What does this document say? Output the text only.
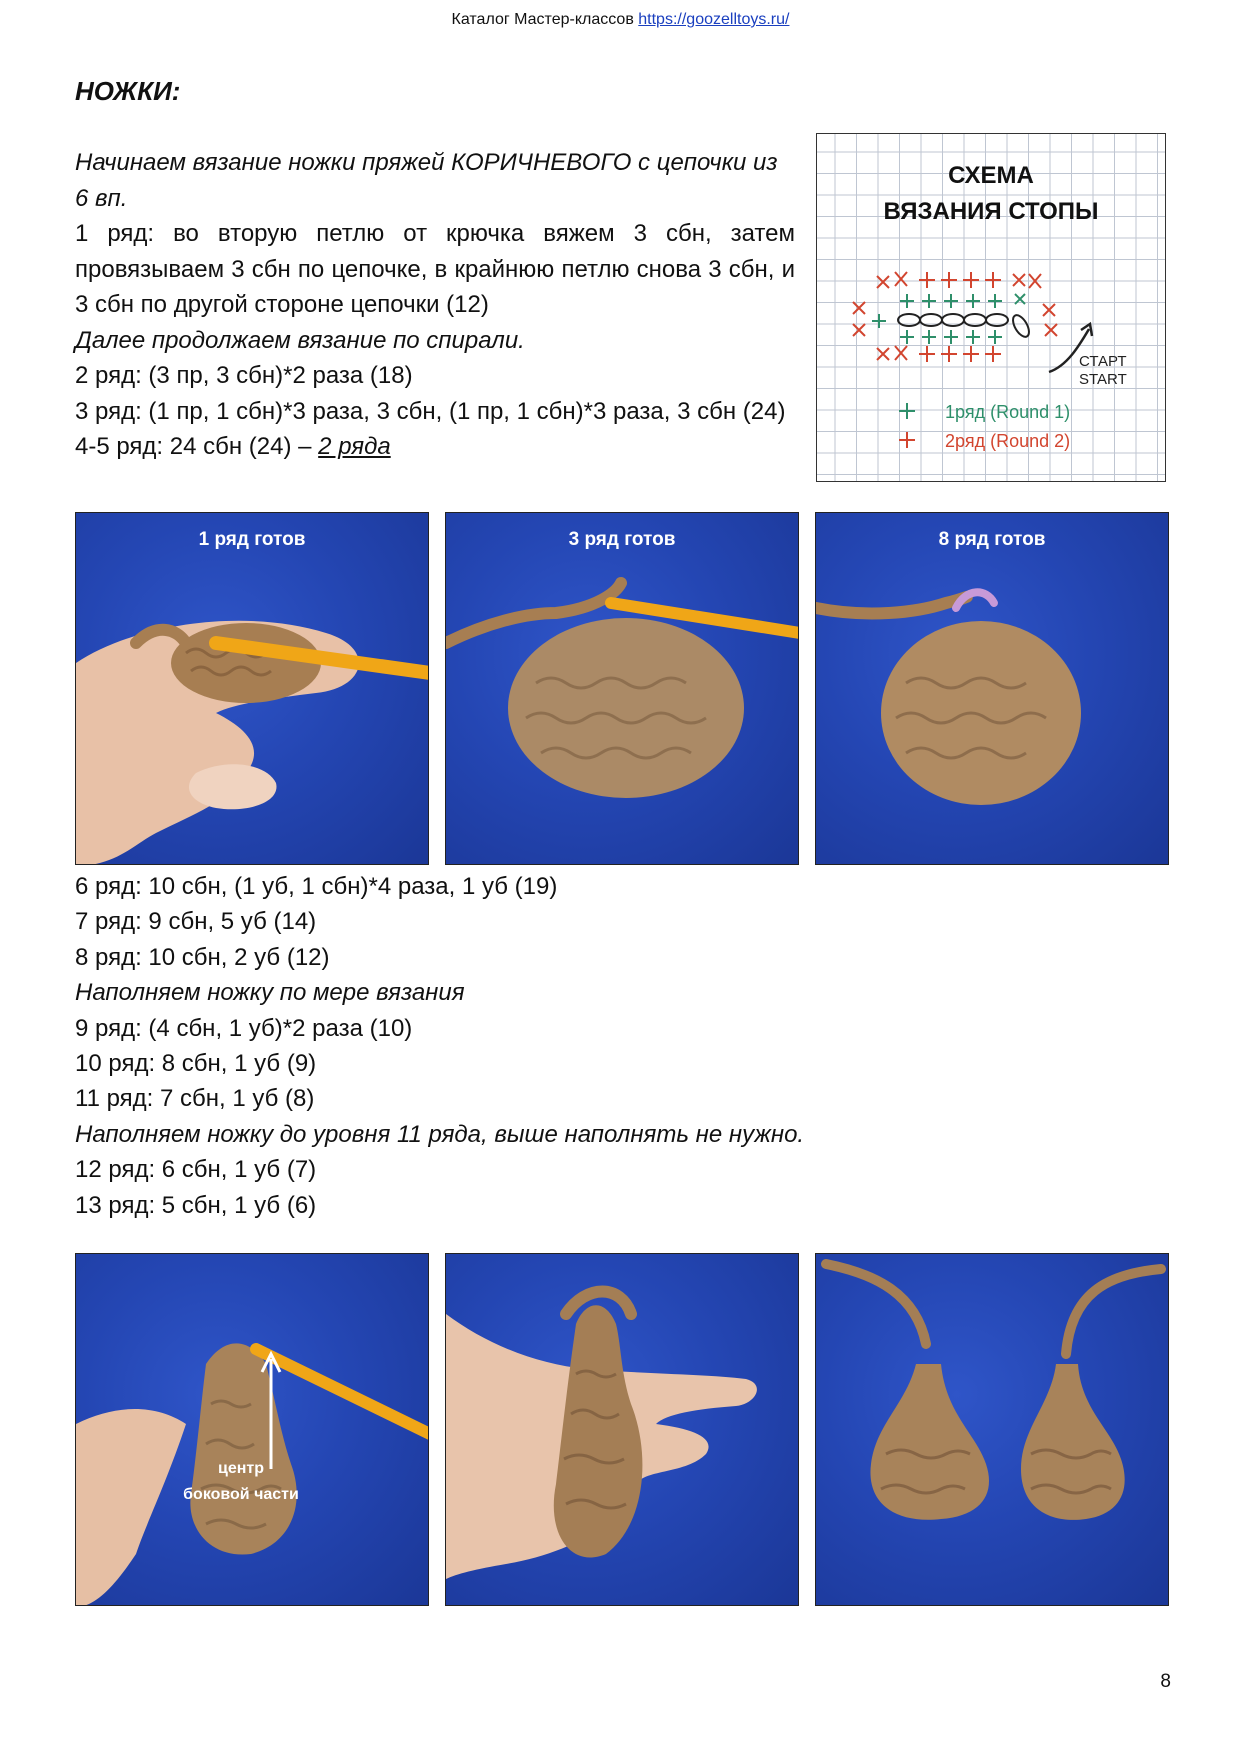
Каталог Мастер-классов https://goozelltoys.ru/
НОЖКИ:

Начинаем вязание ножки пряжей КОРИЧНЕВОГО с цепочки из 6 вп.

1 ряд: во вторую петлю от крючка вяжем 3 сбн, затем провязываем 3 сбн по цепочке, в крайнюю петлю снова 3 сбн, и 3 сбн по другой стороне цепочки (12)

Далее продолжаем вязание по спирали.

2 ряд: (3 пр, 3 сбн)*2 раза (18)

3 ряд: (1 пр, 1 сбн)*3 раза, 3 сбн, (1 пр, 1 сбн)*3 раза, 3 сбн (24)

4-5 ряд: 24 сбн (24) – 2 ряда

СХЕМА
ВЯЗАНИЯ СТОПЫ
СТАРТ
START
1ряд (Round 1)
2ряд (Round 2)
1 ряд готов	3 ряд готов	8 ряд готов

6 ряд: 10 сбн, (1 уб, 1 сбн)*4 раза, 1 уб (19)

7 ряд: 9 сбн, 5 уб (14)

8 ряд: 10 сбн, 2 уб (12)

Наполняем ножку по мере вязания

9 ряд: (4 сбн, 1 уб)*2 раза (10)

10 ряд: 8 сбн, 1 уб (9)

11 ряд: 7 сбн, 1 уб (8)

Наполняем ножку до уровня 11 ряда, выше наполнять не нужно.

12 ряд: 6 сбн, 1 уб (7)

13 ряд: 5 сбн, 1 уб (6)

центр
боковой части
8
